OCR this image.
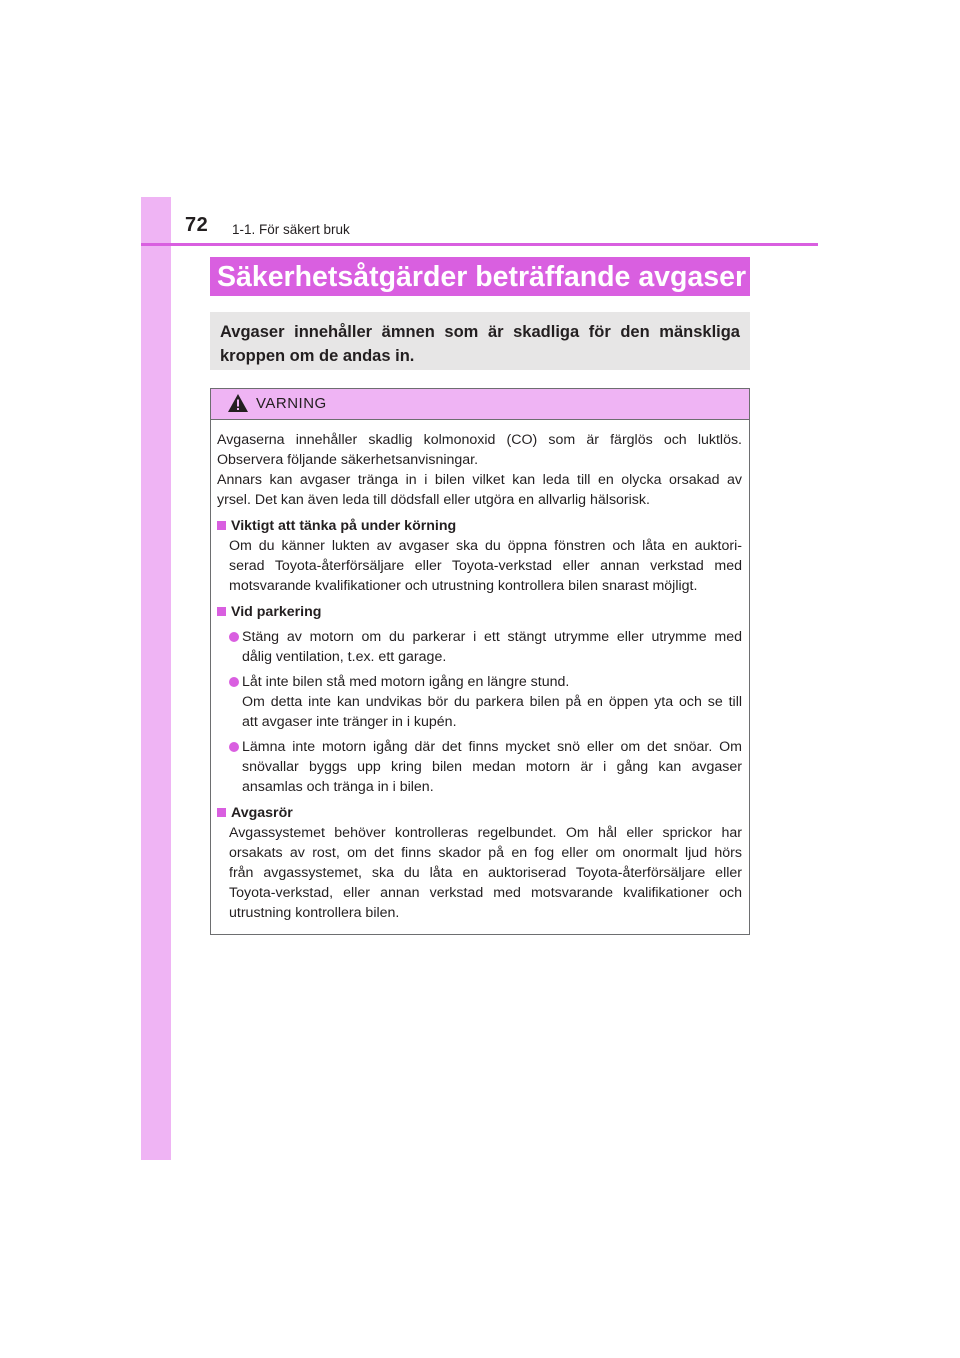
72 1-1. För säkert bruk
Säkerhetsåtgärder beträffande avgaser

Avgaser innehåller ämnen som är skadliga för den mänskliga
kroppen om de andas in.

VARNING

Avgaserna innehåller skadlig kolmonoxid (CO) som är färglös och luktlös.
Observera följande säkerhetsanvisningar.
Annars kan avgaser tränga in i bilen vilket kan leda till en olycka orsakad av
yrsel. Det kan även leda till dödsfall eller utgöra en allvarlig hälsorisk.

Viktigt att tänka på under körning

Om du känner lukten av avgaser ska du öppna fönstren och låta en auktori-
serad Toyota-återförsäljare eller Toyota-verkstad eller annan verkstad med
motsvarande kvalifikationer och utrustning kontrollera bilen snarast möjligt.

Vid parkering
Stäng av motorn om du parkerar i ett stängt utrymme eller utrymme med
dålig ventilation, t.ex. ett garage.
Låt inte bilen stå med motorn igång en längre stund.
Om detta inte kan undvikas bör du parkera bilen på en öppen yta och se till
att avgaser inte tränger in i kupén.
Lämna inte motorn igång där det finns mycket snö eller om det snöar. Om
snövallar byggs upp kring bilen medan motorn är i gång kan avgaser
ansamlas och tränga in i bilen.
Avgasrör

Avgassystemet behöver kontrolleras regelbundet. Om hål eller sprickor har
orsakats av rost, om det finns skador på en fog eller om onormalt ljud hörs
från avgassystemet, ska du låta en auktoriserad Toyota-återförsäljare eller
Toyota-verkstad, eller annan verkstad med motsvarande kvalifikationer och
utrustning kontrollera bilen.
